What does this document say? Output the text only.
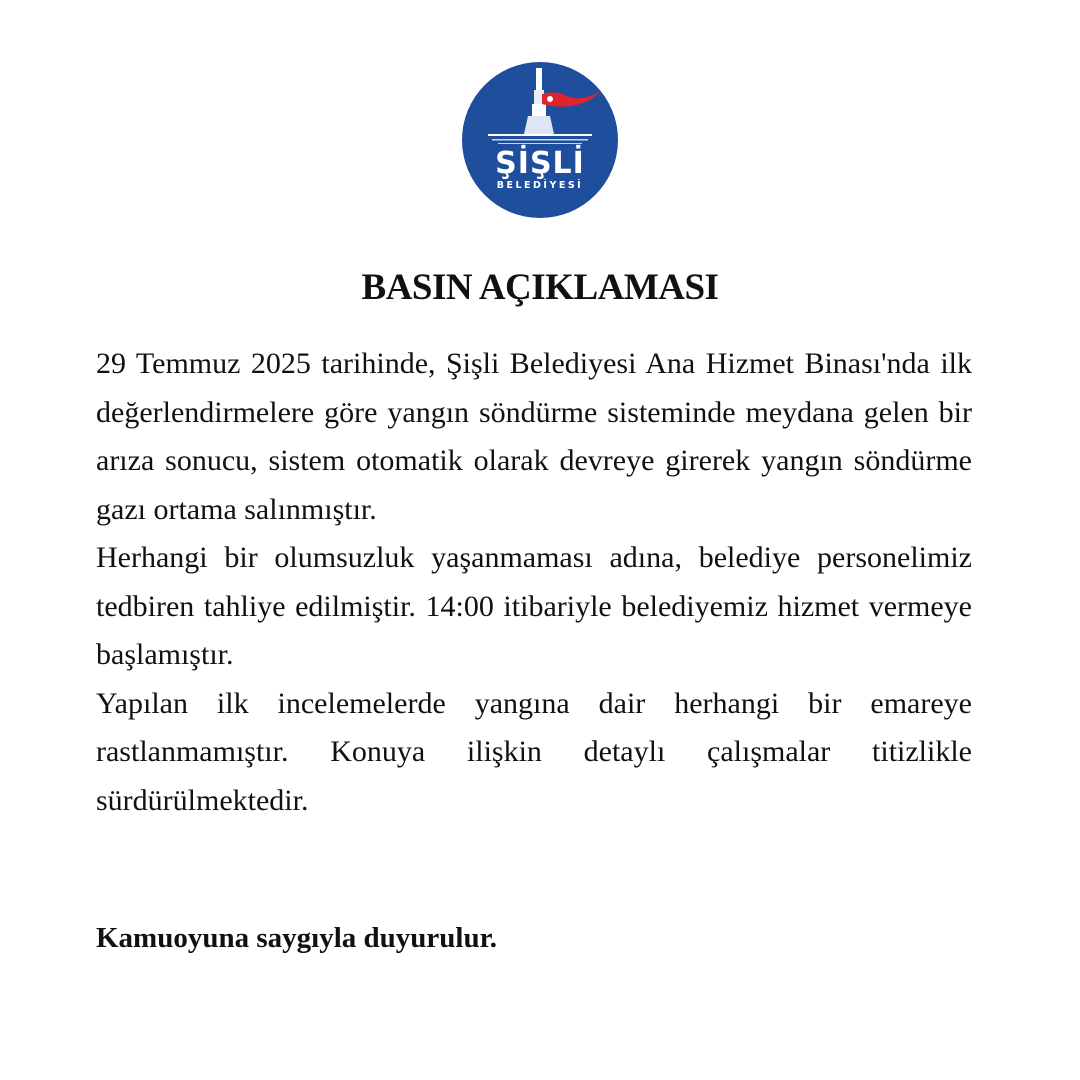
ŞİŞLİ
BELEDİYESİ
BASIN AÇIKLAMASI

29 Temmuz 2025 tarihinde, Şişli Belediyesi Ana Hizmet Binası'nda ilk değerlendirmelere göre yangın söndürme sisteminde meydana gelen bir arıza sonucu, sistem otomatik olarak devreye girerek yangın söndürme gazı ortama salınmıştır.

Herhangi bir olumsuzluk yaşanmaması adına, belediye personelimiz tedbiren tahliye edilmiştir. 14:00 itibariyle belediyemiz hizmet vermeye başlamıştır.

Yapılan ilk incelemelerde yangına dair herhangi bir emareye rastlanmamıştır. Konuya ilişkin detaylı çalışmalar titizlikle sürdürülmektedir.

Kamuoyuna saygıyla duyurulur.
